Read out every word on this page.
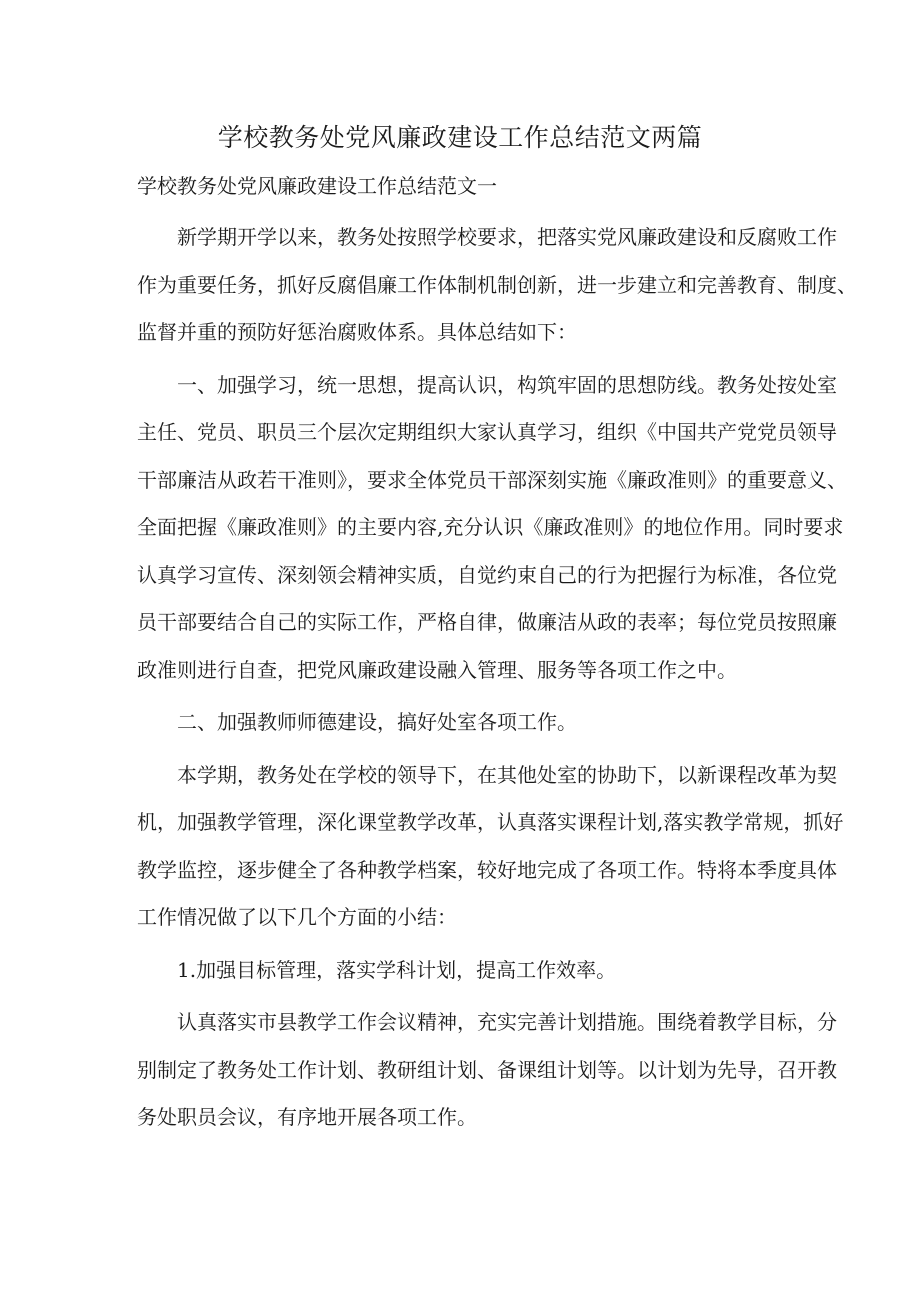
学校教务处党风廉政建设工作总结范文两篇

学校教务处党风廉政建设工作总结范文一

新学期开学以来，教务处按照学校要求，把落实党风廉政建设和反腐败工作

作为重要任务，抓好反腐倡廉工作体制机制创新，进一步建立和完善教育、制度、

监督并重的预防好惩治腐败体系。具体总结如下：

一、加强学习，统一思想，提高认识，构筑牢固的思想防线。教务处按处室

主任、党员、职员三个层次定期组织大家认真学习，组织《中国共产党党员领导

干部廉洁从政若干准则》，要求全体党员干部深刻实施《廉政准则》的重要意义、

全面把握《廉政准则》的主要内容,充分认识《廉政准则》的地位作用。同时要求

认真学习宣传、深刻领会精神实质，自觉约束自己的行为把握行为标准，各位党

员干部要结合自己的实际工作，严格自律，做廉洁从政的表率；每位党员按照廉

政准则进行自查，把党风廉政建设融入管理、服务等各项工作之中。

二、加强教师师德建设，搞好处室各项工作。

本学期，教务处在学校的领导下，在其他处室的协助下，以新课程改革为契

机，加强教学管理，深化课堂教学改革，认真落实课程计划,落实教学常规，抓好

教学监控，逐步健全了各种教学档案，较好地完成了各项工作。特将本季度具体

工作情况做了以下几个方面的小结：

1.加强目标管理，落实学科计划，提高工作效率。

认真落实市县教学工作会议精神，充实完善计划措施。围绕着教学目标，分

别制定了教务处工作计划、教研组计划、备课组计划等。以计划为先导，召开教

务处职员会议，有序地开展各项工作。
